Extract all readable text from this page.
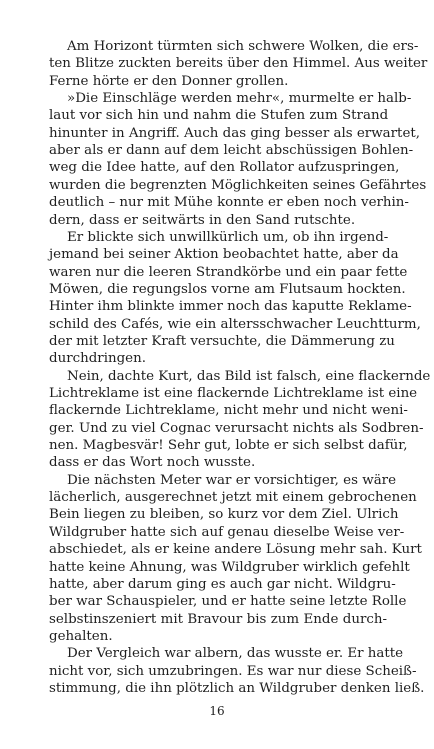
Am Horizont türmten sich schwere Wolken, die ers-
ten Blitze zuckten bereits über den Himmel. Aus weiter
Ferne hörte er den Donner grollen.
»Die Einschläge werden mehr«, murmelte er halb-
laut vor sich hin und nahm die Stufen zum Strand
hinunter in Angriff. Auch das ging besser als erwartet,
aber als er dann auf dem leicht abschüssigen Bohlen-
weg die Idee hatte, auf den Rollator aufzuspringen,
wurden die begrenzten Möglichkeiten seines Gefährtes
deutlich – nur mit Mühe konnte er eben noch verhin-
dern, dass er seitwärts in den Sand rutschte.
Er blickte sich unwillkürlich um, ob ihn irgend-
jemand bei seiner Aktion beobachtet hatte, aber da
waren nur die leeren Strandkörbe und ein paar fette
Möwen, die regungslos vorne am Flutsaum hockten.
Hinter ihm blinkte immer noch das kaputte Reklame-
schild des Cafés, wie ein altersschwacher Leuchtturm,
der mit letzter Kraft versuchte, die Dämmerung zu
durchdringen.
Nein, dachte Kurt, das Bild ist falsch, eine flackernde
Lichtreklame ist eine flackernde Lichtreklame ist eine
flackernde Lichtreklame, nicht mehr und nicht weni-
ger. Und zu viel Cognac verursacht nichts als Sodbren-
nen. Magbesvär! Sehr gut, lobte er sich selbst dafür,
dass er das Wort noch wusste.
Die nächsten Meter war er vorsichtiger, es wäre
lächerlich, ausgerechnet jetzt mit einem gebrochenen
Bein liegen zu bleiben, so kurz vor dem Ziel. Ulrich
Wildgruber hatte sich auf genau dieselbe Weise ver-
abschiedet, als er keine andere Lösung mehr sah. Kurt
hatte keine Ahnung, was Wildgruber wirklich gefehlt
hatte, aber darum ging es auch gar nicht. Wildgru-
ber war Schauspieler, und er hatte seine letzte Rolle
selbstinszeniert mit Bravour bis zum Ende durch-
gehalten.
Der Vergleich war albern, das wusste er. Er hatte
nicht vor, sich umzubringen. Es war nur diese Scheiß-
stimmung, die ihn plötzlich an Wildgruber denken ließ.
16
